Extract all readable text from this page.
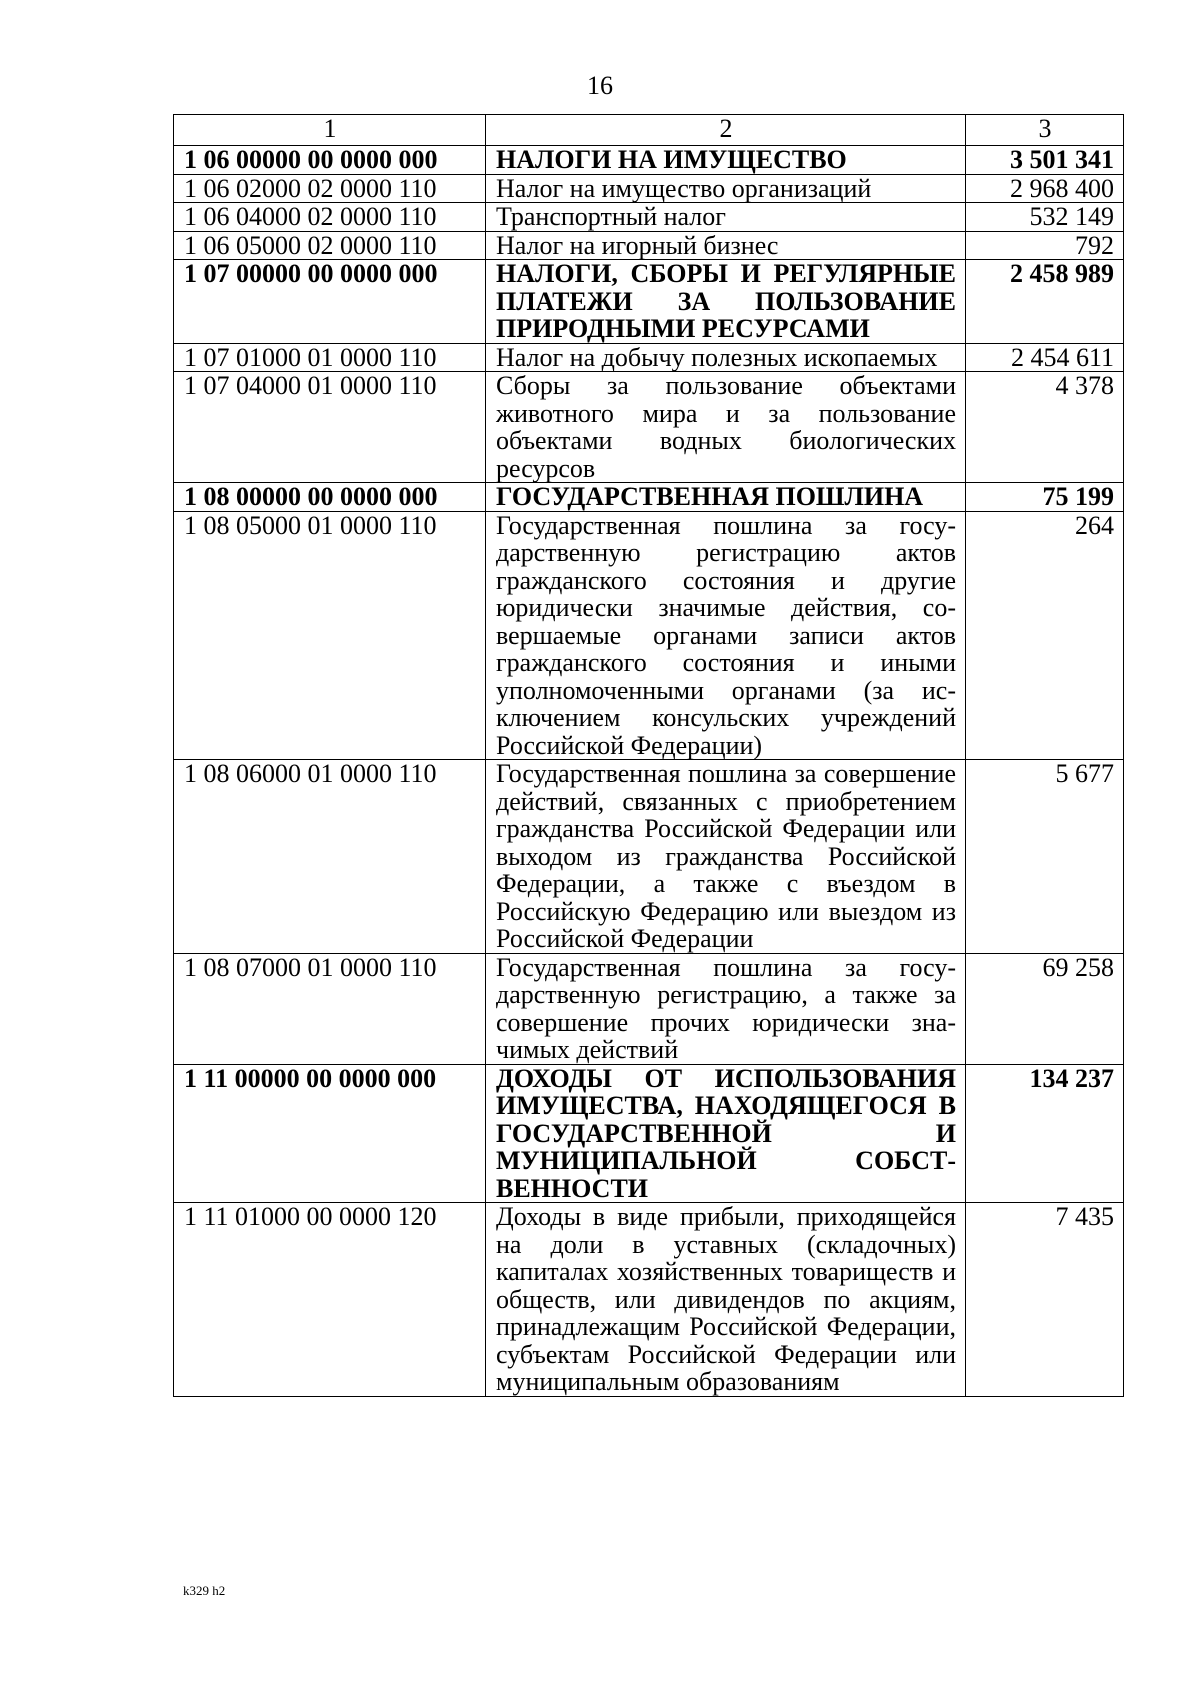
16
1	2	3
1 06 00000 00 0000 000	НАЛОГИ НА ИМУЩЕСТВО	3 501 341
1 06 02000 02 0000 110	Налог на имущество организаций	2 968 400
1 06 04000 02 0000 110	Транспортный налог	532 149
1 06 05000 02 0000 110	Налог на игорный бизнес	792
1 07 00000 00 0000 000	НАЛОГИ, СБОРЫ И РЕГУЛЯРНЫЕ ПЛАТЕЖИ ЗА ПОЛЬЗОВАНИЕ ПРИРОДНЫМИ РЕСУРСАМИ	2 458 989
1 07 01000 01 0000 110	Налог на добычу полезных ископаемых	2 454 611
1 07 04000 01 0000 110	Сборы за пользование объектами животного мира и за пользование объектами водных биологических ресурсов	4 378
1 08 00000 00 0000 000	ГОСУДАРСТВЕННАЯ ПОШЛИНА	75 199
1 08 05000 01 0000 110	Государственная пошлина за государственную регистрацию актов гражданского состояния и другие юридически значимые действия, совершаемые органами записи актов гражданского состояния и иными уполномоченными органами (за исключением консульских учреждений Российской Федерации)	264
1 08 06000 01 0000 110	Государственная пошлина за совершение действий, связанных с приобретением гражданства Российской Федерации или выходом из гражданства Российской Федерации, а также с въездом в Российскую Федерацию или выездом из Российской Федерации	5 677
1 08 07000 01 0000 110	Государственная пошлина за государственную регистрацию, а также за совершение прочих юридически значимых действий	69 258
1 11 00000 00 0000 000	ДОХОДЫ ОТ ИСПОЛЬЗОВАНИЯ ИМУЩЕСТВА, НАХОДЯЩЕГОСЯ В ГОСУДАРСТВЕННОЙ И МУНИЦИПАЛЬНОЙ СОБСТВЕННОСТИ	134 237
1 11 01000 00 0000 120	Доходы в виде прибыли, приходящейся на доли в уставных (складочных) капиталах хозяйственных товариществ и обществ, или дивидендов по акциям, принадлежащим Российской Федерации, субъектам Российской Федерации или муниципальным образованиям	7 435
k329 h2
